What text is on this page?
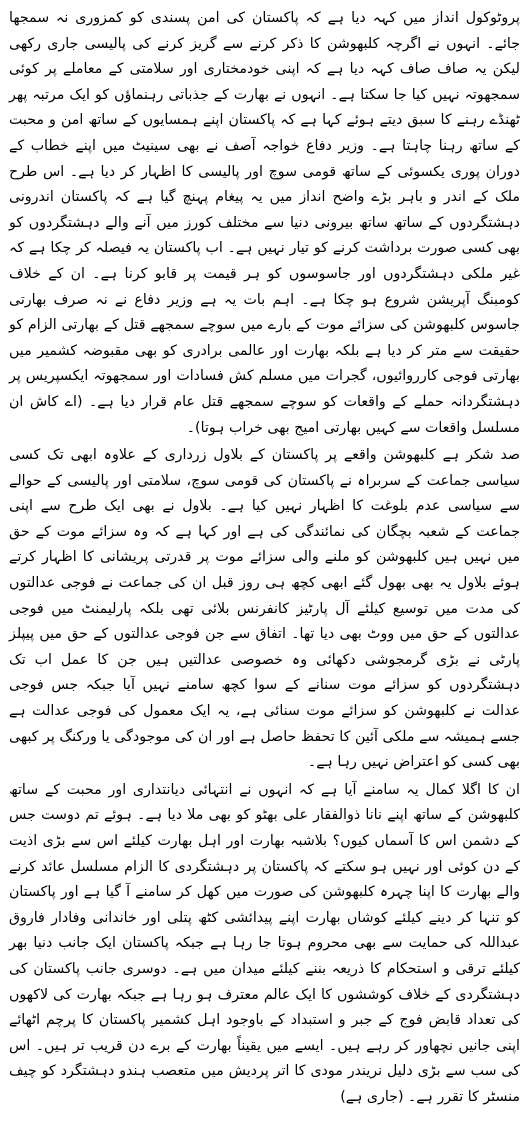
پروٹوکول انداز میں کہہ دیا ہے کہ پاکستان کی امن پسندی کو کمزوری نہ سمجھا جائے۔ انہوں نے اگرچہ کلبھوشن کا ذکر کرنے سے گریز کرنے کی پالیسی جاری رکھی لیکن یہ صاف صاف کہہ دیا ہے کہ اپنی خودمختاری اور سلامتی کے معاملے پر کوئی سمجھوتہ نہیں کیا جا سکتا ہے۔ انہوں نے بھارت کے جذباتی رہنماؤں کو ایک مرتبہ پھر ٹھنڈے رہنے کا سبق دیتے ہوئے کہا ہے کہ پاکستان اپنے ہمسایوں کے ساتھ امن و محبت کے ساتھ رہنا چاہتا ہے۔ وزیر دفاع خواجہ آصف نے بھی سینیٹ میں اپنے خطاب کے دوران پوری یکسوئی کے ساتھ قومی سوچ اور پالیسی کا اظہار کر دیا ہے۔ اس طرح ملک کے اندر و باہر بڑے واضح انداز میں یہ پیغام پہنچ گیا ہے کہ پاکستان اندرونی دہشتگردوں کے ساتھ ساتھ بیرونی دنیا سے مختلف کورز میں آنے والے دہشتگردوں کو بھی کسی صورت برداشت کرنے کو تیار نہیں ہے۔ اب پاکستان یہ فیصلہ کر چکا ہے کہ غیر ملکی دہشتگردوں اور جاسوسوں کو ہر قیمت پر قابو کرنا ہے۔ ان کے خلاف کومبنگ آپریشن شروع ہو چکا ہے۔ اہم بات یہ ہے وزیر دفاع نے نہ صرف بھارتی جاسوس کلبھوشن کی سزائے موت کے بارے میں سوچے سمجھے قتل کے بھارتی الزام کو حقیقت سے متر کر دیا ہے بلکہ بھارت اور عالمی برادری کو بھی مقبوضہ کشمیر میں بھارتی فوجی کارروائیوں، گجرات میں مسلم کش فسادات اور سمجھوتہ ایکسپریس پر دہشتگردانہ حملے کے واقعات کو سوچے سمجھے قتل عام قرار دیا ہے۔ (اے کاش ان مسلسل واقعات سے کہیں بھارتی امیج بھی خراب ہوتا)۔

صد شکر ہے کلبھوشن واقعے پر پاکستان کے بلاول زرداری کے علاوہ ابھی تک کسی سیاسی جماعت کے سربراہ نے پاکستان کی قومی سوچ، سلامتی اور پالیسی کے حوالے سے سیاسی عدم بلوغت کا اظہار نہیں کیا ہے۔ بلاول نے بھی ایک طرح سے اپنی جماعت کے شعبہ بچگان کی نمائندگی کی ہے اور کہا ہے کہ وہ سزائے موت کے حق میں نہیں ہیں کلبھوشن کو ملنے والی سزائے موت پر قدرتی پریشانی کا اظہار کرتے ہوئے بلاول یہ بھی بھول گئے ابھی کچھ ہی روز قبل ان کی جماعت نے فوجی عدالتوں کی مدت میں توسیع کیلئے آل پارٹیز کانفرنس بلائی تھی بلکہ پارلیمنٹ میں فوجی عدالتوں کے حق میں ووٹ بھی دیا تھا۔ اتفاق سے جن فوجی عدالتوں کے حق میں پیپلز پارٹی نے بڑی گرمجوشی دکھائی وہ خصوصی عدالتیں ہیں جن کا عمل اب تک دہشتگردوں کو سزائے موت سنانے کے سوا کچھ سامنے نہیں آیا جبکہ جس فوجی عدالت نے کلبھوشن کو سزائے موت سنائی ہے، یہ ایک معمول کی فوجی عدالت ہے جسے ہمیشہ سے ملکی آئین کا تحفظ حاصل ہے اور ان کی موجودگی یا ورکنگ پر کبھی بھی کسی کو اعتراض نہیں رہا ہے۔

ان کا اگلا کمال یہ سامنے آیا ہے کہ انہوں نے انتہائی دیانتداری اور محبت کے ساتھ کلبھوشن کے ساتھ اپنے نانا ذوالفقار علی بھٹو کو بھی ملا دیا ہے۔ ہوئے تم دوست جس کے دشمن اس کا آسماں کیوں؟ بلاشبہ بھارت اور اہل بھارت کیلئے اس سے بڑی اذیت کے دن کوئی اور نہیں ہو سکتے کہ پاکستان پر دہشتگردی کا الزام مسلسل عائد کرنے والے بھارت کا اپنا چہرہ کلبھوشن کی صورت میں کھل کر سامنے آ گیا ہے اور پاکستان کو تنہا کر دینے کیلئے کوشاں بھارت اپنے پیدائشی کٹھ پتلی اور خاندانی وفادار فاروق عبداللہ کی حمایت سے بھی محروم ہوتا جا رہا ہے جبکہ پاکستان ایک جانب دنیا بھر کیلئے ترقی و استحکام کا ذریعہ بننے کیلئے میدان میں ہے۔ دوسری جانب پاکستان کی دہشتگردی کے خلاف کوششوں کا ایک عالم معترف ہو رہا ہے جبکہ بھارت کی لاکھوں کی تعداد قابض فوج کے جبر و استبداد کے باوجود اہل کشمیر پاکستان کا پرچم اٹھائے اپنی جانیں نچھاور کر رہے ہیں۔ ایسے میں یقیناً بھارت کے برے دن قریب تر ہیں۔ اس کی سب سے بڑی دلیل نریندر مودی کا اتر پردیش میں متعصب ہندو دہشتگرد کو چیف منسٹر کا تقرر ہے۔ (جاری ہے)
